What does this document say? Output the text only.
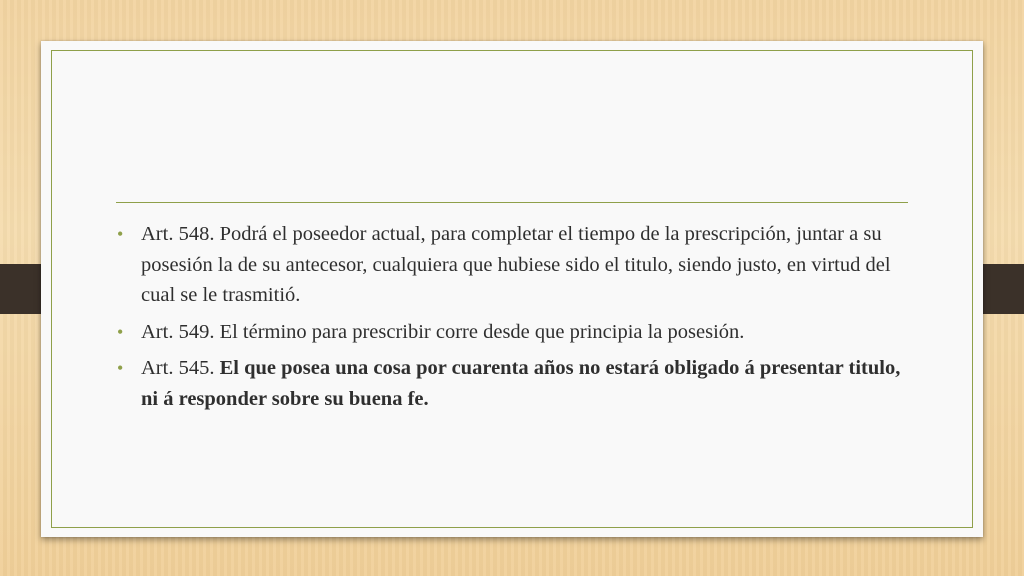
• Art. 548. Podrá el poseedor actual, para completar el tiempo de la prescripción, juntar a su posesión la de su antecesor, cualquiera que hubiese sido el titulo, siendo justo, en virtud del cual se le trasmitió.
• Art. 549. El término para prescribir corre desde que principia la posesión.
• Art. 545. El que posea una cosa por cuarenta años no estará obligado á presentar titulo, ni á responder sobre su buena fe.
